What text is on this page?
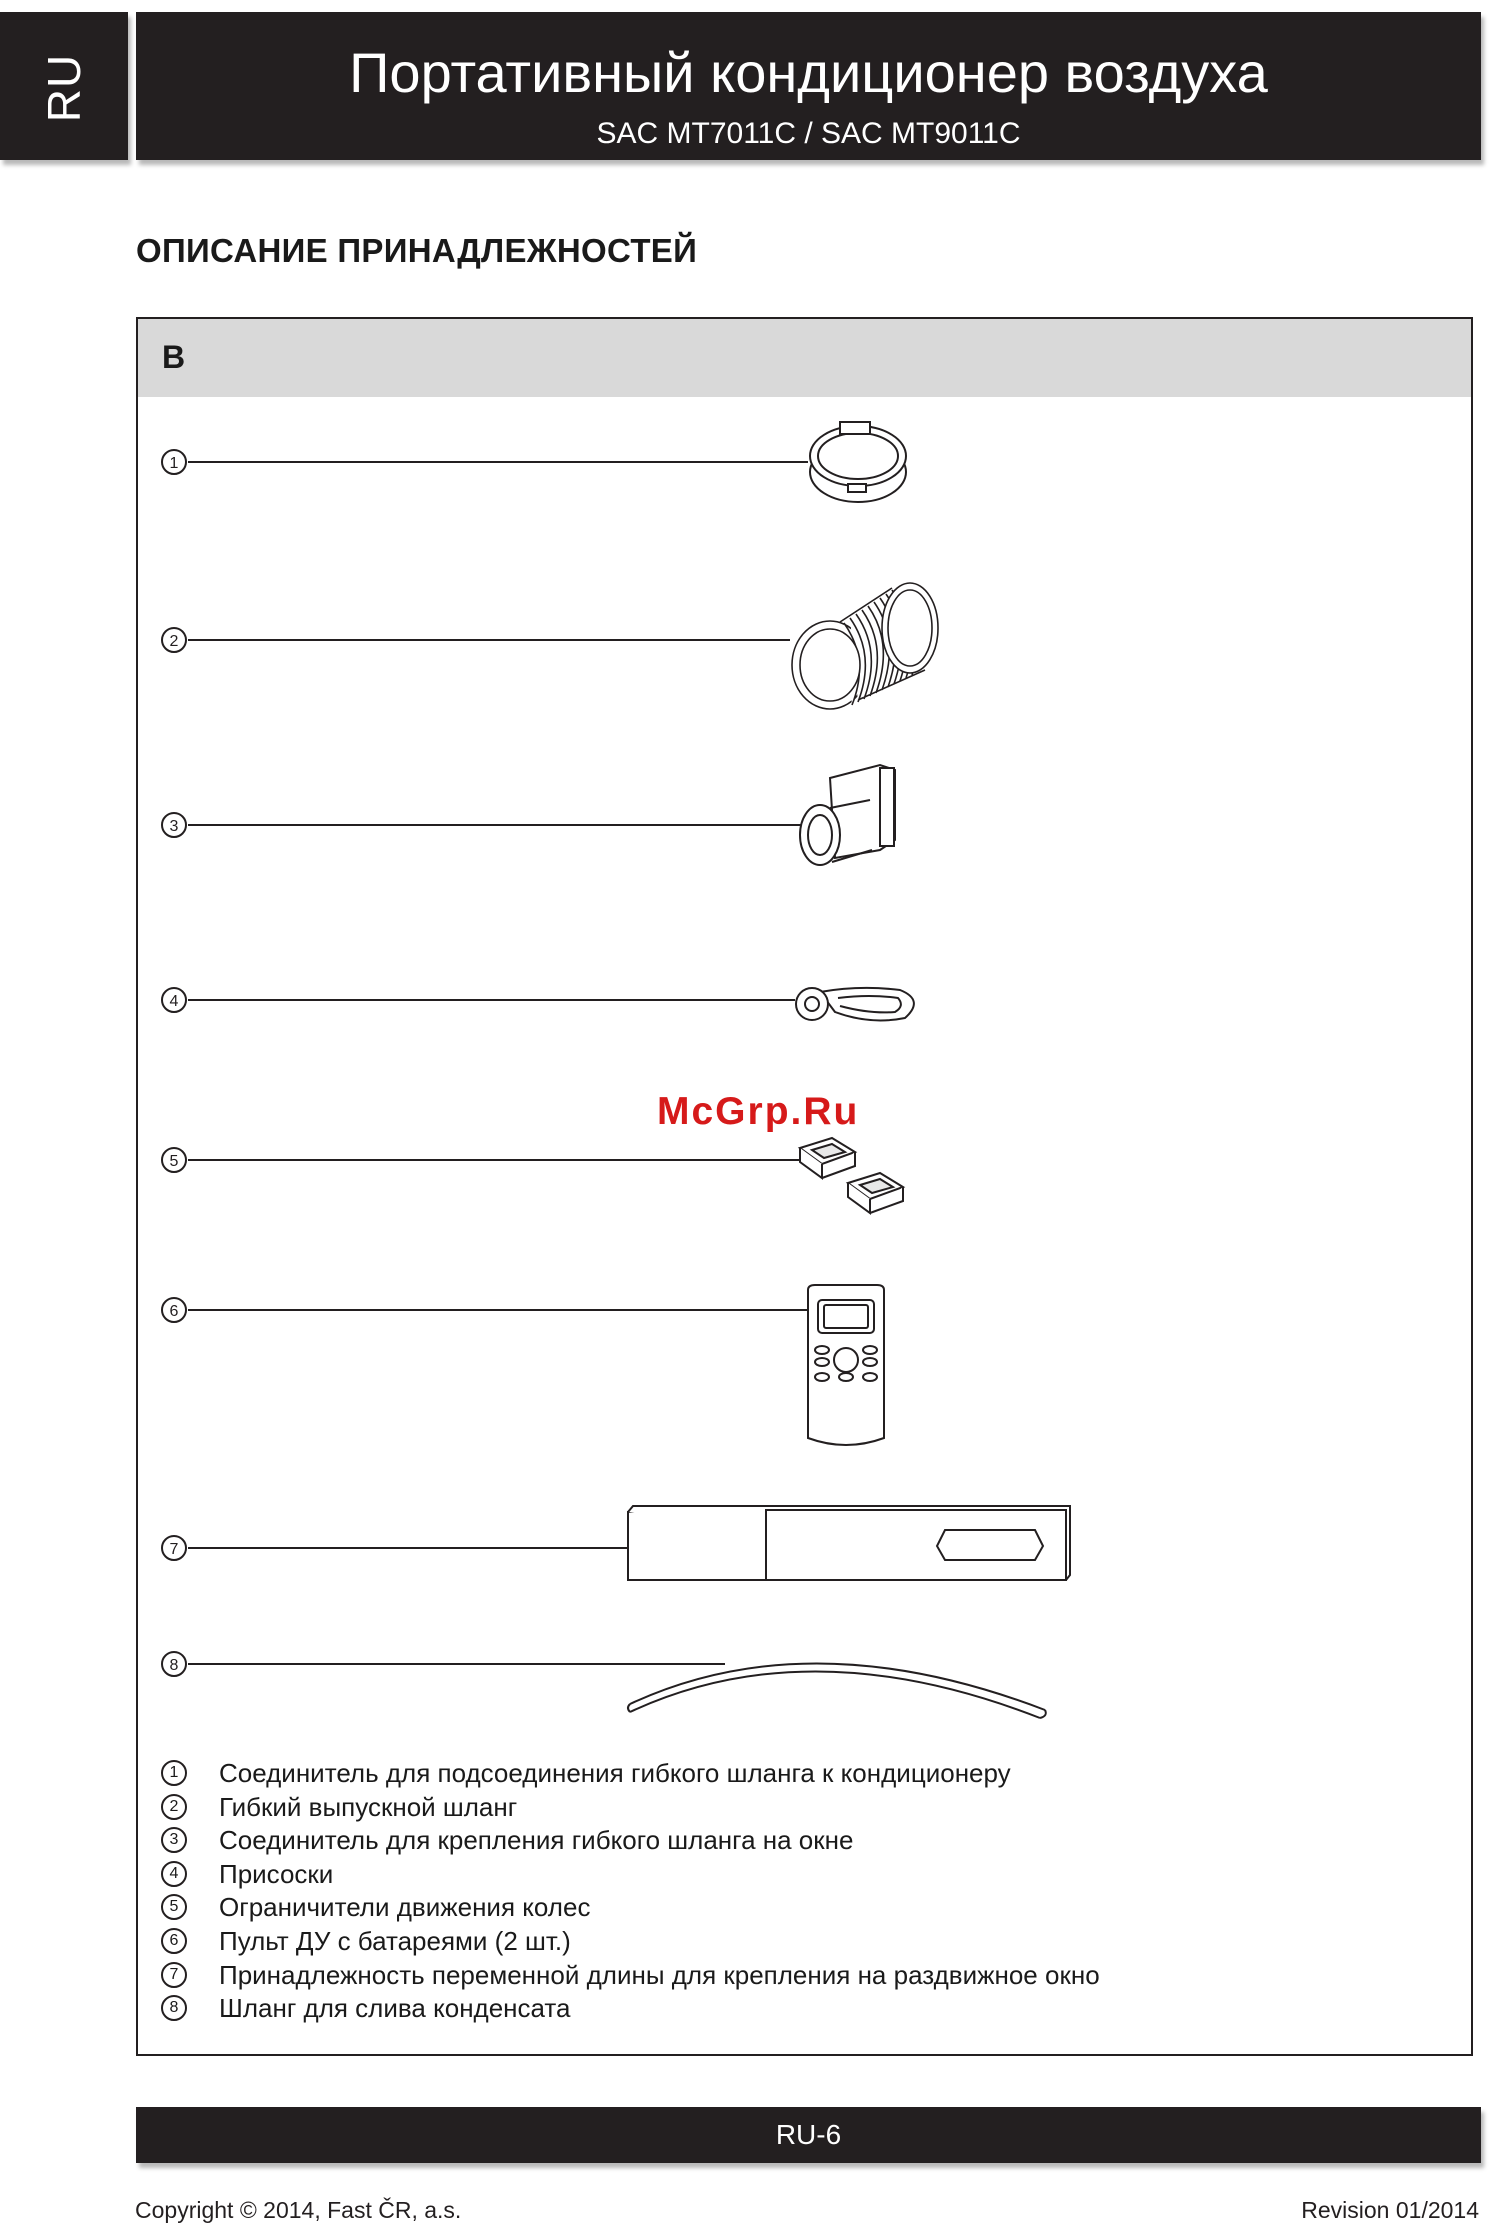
RU	Портативный кондиционер воздуха
SAC MT7011C / SAC MT9011C
ОПИСАНИЕ ПРИНАДЛЕЖНОСТЕЙ
B
1
2
3
4
5
6
7
8
McGrp.Ru
1	Соединитель для подсоединения гибкого шланга к кондиционеру
2	Гибкий выпускной шланг
3	Соединитель для крепления гибкого шланга на окне
4	Присоски
5	Ограничители движения колес
6	Пульт ДУ с батареями (2 шт.)
7	Принадлежность переменной длины для крепления на раздвижное окно
8	Шланг для слива конденсата
RU-6
Copyright © 2014, Fast ČR, a.s.	Revision 01/2014
